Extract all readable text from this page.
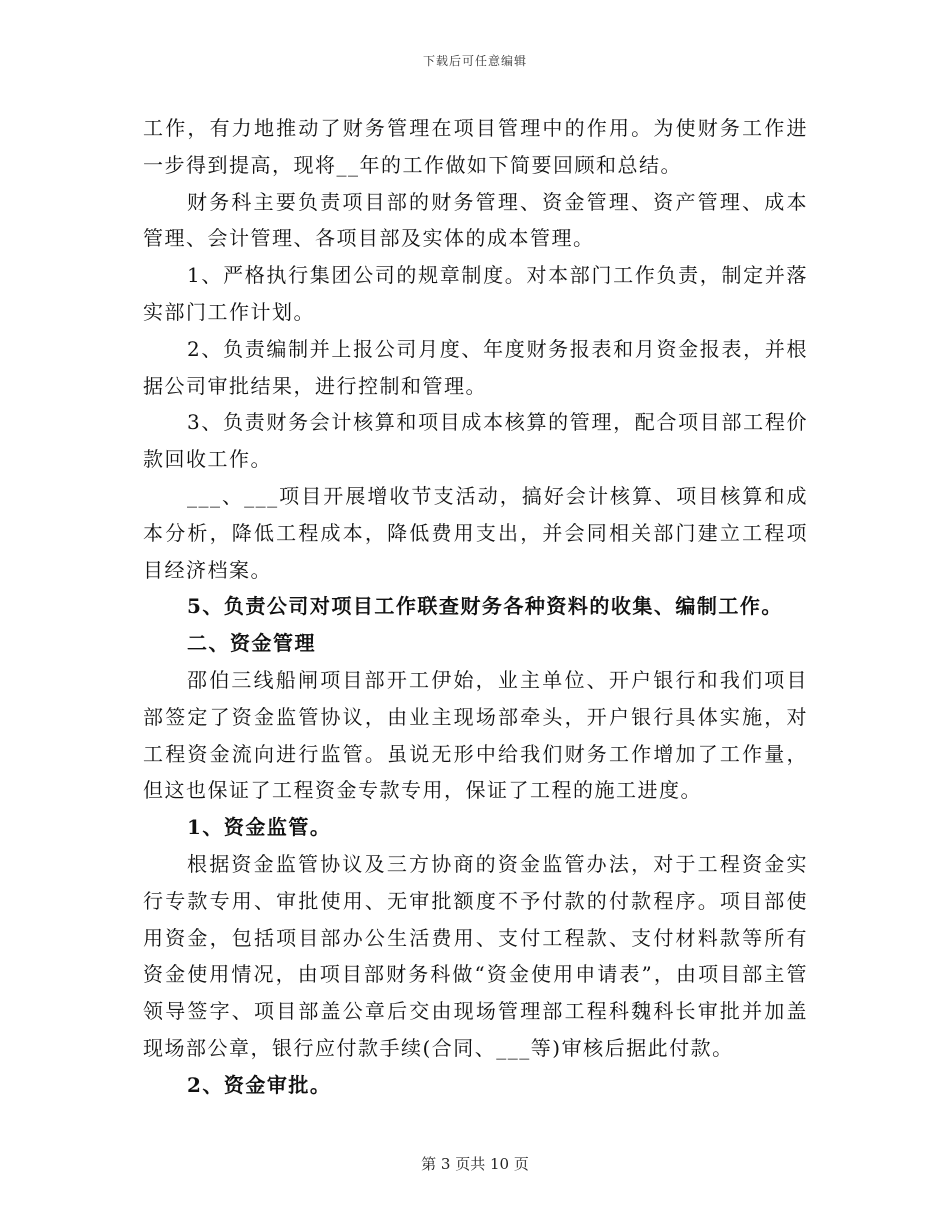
下载后可任意编辑

工作，有力地推动了财务管理在项目管理中的作用。为使财务工作进一步得到提高，现将__年的工作做如下简要回顾和总结。

财务科主要负责项目部的财务管理、资金管理、资产管理、成本管理、会计管理、各项目部及实体的成本管理。

1、严格执行集团公司的规章制度。对本部门工作负责，制定并落实部门工作计划。

2、负责编制并上报公司月度、年度财务报表和月资金报表，并根据公司审批结果，进行控制和管理。

3、负责财务会计核算和项目成本核算的管理，配合项目部工程价款回收工作。

___、___项目开展增收节支活动，搞好会计核算、项目核算和成本分析，降低工程成本，降低费用支出，并会同相关部门建立工程项目经济档案。

5、负责公司对项目工作联查财务各种资料的收集、编制工作。

二、资金管理

邵伯三线船闸项目部开工伊始，业主单位、开户银行和我们项目部签定了资金监管协议，由业主现场部牵头，开户银行具体实施，对工程资金流向进行监管。虽说无形中给我们财务工作增加了工作量，但这也保证了工程资金专款专用，保证了工程的施工进度。

1、资金监管。

根据资金监管协议及三方协商的资金监管办法，对于工程资金实行专款专用、审批使用、无审批额度不予付款的付款程序。项目部使用资金，包括项目部办公生活费用、支付工程款、支付材料款等所有资金使用情况，由项目部财务科做“资金使用申请表”，由项目部主管领导签字、项目部盖公章后交由现场管理部工程科魏科长审批并加盖现场部公章，银行应付款手续(合同、___等)审核后据此付款。

2、资金审批。

第 3 页共 10 页
